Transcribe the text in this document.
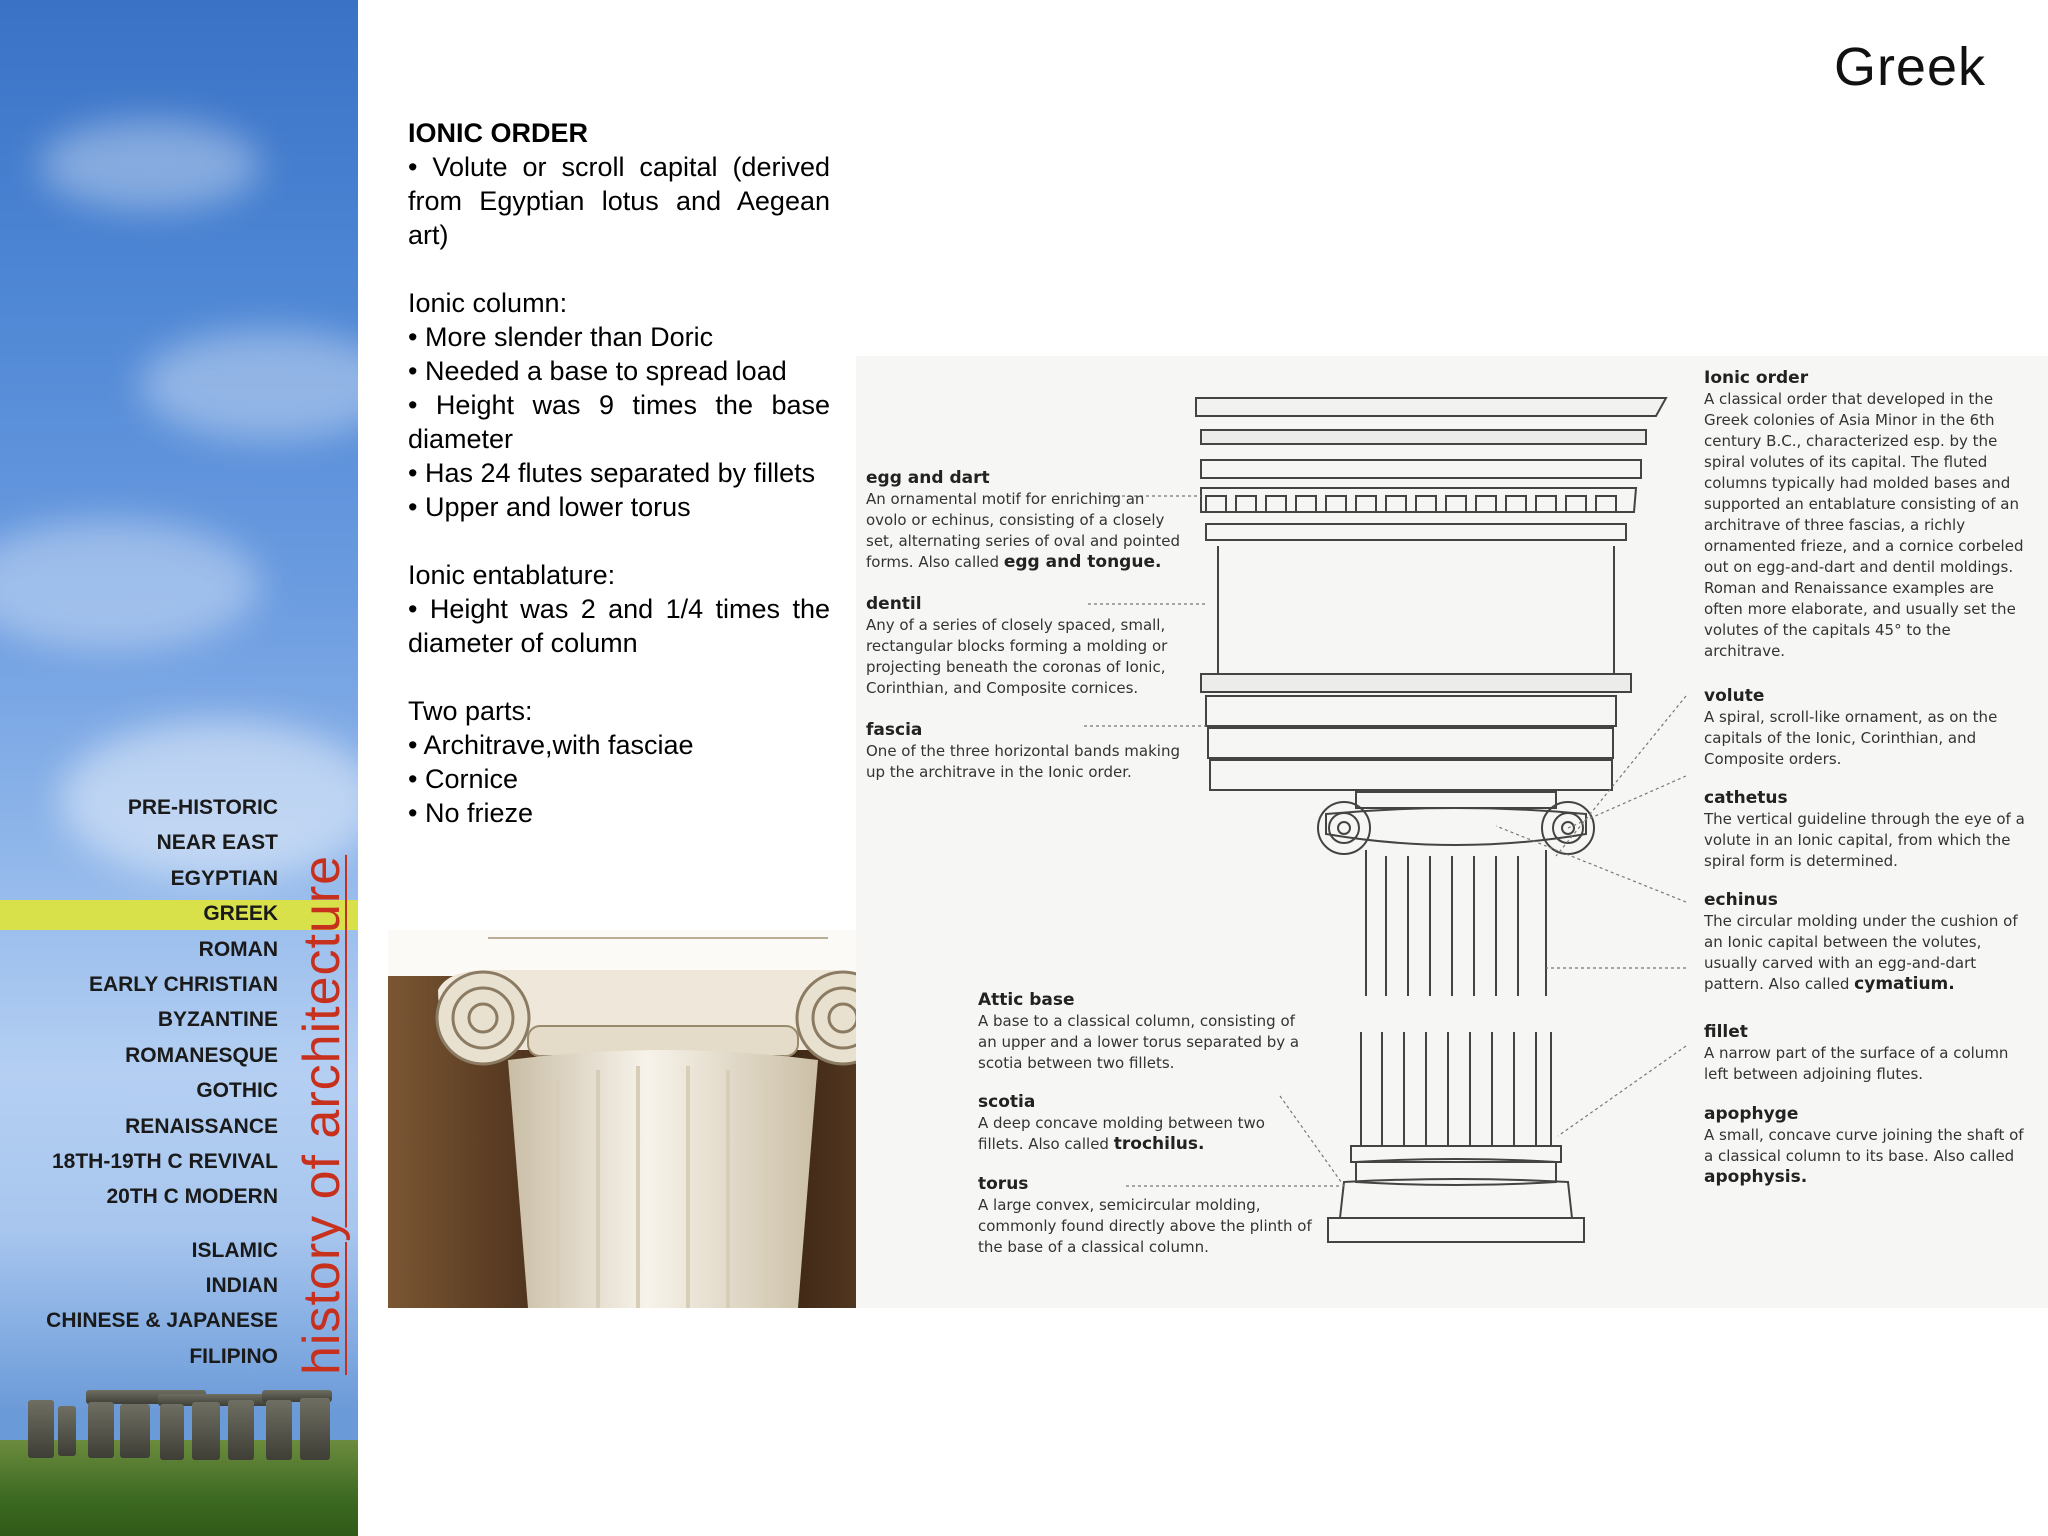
PRE-HISTORIC
NEAR EAST
EGYPTIAN
GREEK
ROMAN
EARLY CHRISTIAN
BYZANTINE
ROMANESQUE
GOTHIC
RENAISSANCE
18TH-19TH C REVIVAL
20TH C MODERN
ISLAMIC
INDIAN
CHINESE & JAPANESE
FILIPINO history of architecture
Greek

IONIC ORDER

• Volute or scroll capital (derived from Egyptian lotus and Aegean art)

Ionic column:

• More slender than Doric

• Needed a base to spread load

• Height was 9 times the base diameter

• Has 24 flutes separated by fillets

• Upper and lower torus

Ionic entablature:

• Height was 2 and 1/4 times the diameter of column

Two parts:

• Architrave,with fasciae

• Cornice

• No frieze

egg and dart
An ornamental motif for enriching an ovolo or echinus, consisting of a closely set, alternating series of oval and pointed forms. Also called egg and tongue.
dentil
Any of a series of closely spaced, small, rectangular blocks forming a molding or projecting beneath the coronas of Ionic, Corinthian, and Composite cornices.
fascia
One of the three horizontal bands making up the architrave in the Ionic order.
Ionic order
A classical order that developed in the Greek colonies of Asia Minor in the 6th century B.C., characterized esp. by the spiral volutes of its capital. The fluted columns typically had molded bases and supported an entablature consisting of an architrave of three fascias, a richly ornamented frieze, and a cornice corbeled out on egg-and-dart and dentil moldings. Roman and Renaissance examples are often more elaborate, and usually set the volutes of the capitals 45° to the architrave.
volute
A spiral, scroll-like ornament, as on the capitals of the Ionic, Corinthian, and Composite orders.
cathetus
The vertical guideline through the eye of a volute in an Ionic capital, from which the spiral form is determined.
echinus
The circular molding under the cushion of an Ionic capital between the volutes, usually carved with an egg-and-dart pattern. Also called cymatium.
fillet
A narrow part of the surface of a column left between adjoining flutes.
apophyge
A small, concave curve joining the shaft of a classical column to its base. Also called apophysis.
Attic base
A base to a classical column, consisting of an upper and a lower torus separated by a scotia between two fillets.
scotia
A deep concave molding between two fillets. Also called trochilus.
torus
A large convex, semicircular molding, commonly found directly above the plinth of the base of a classical column.
